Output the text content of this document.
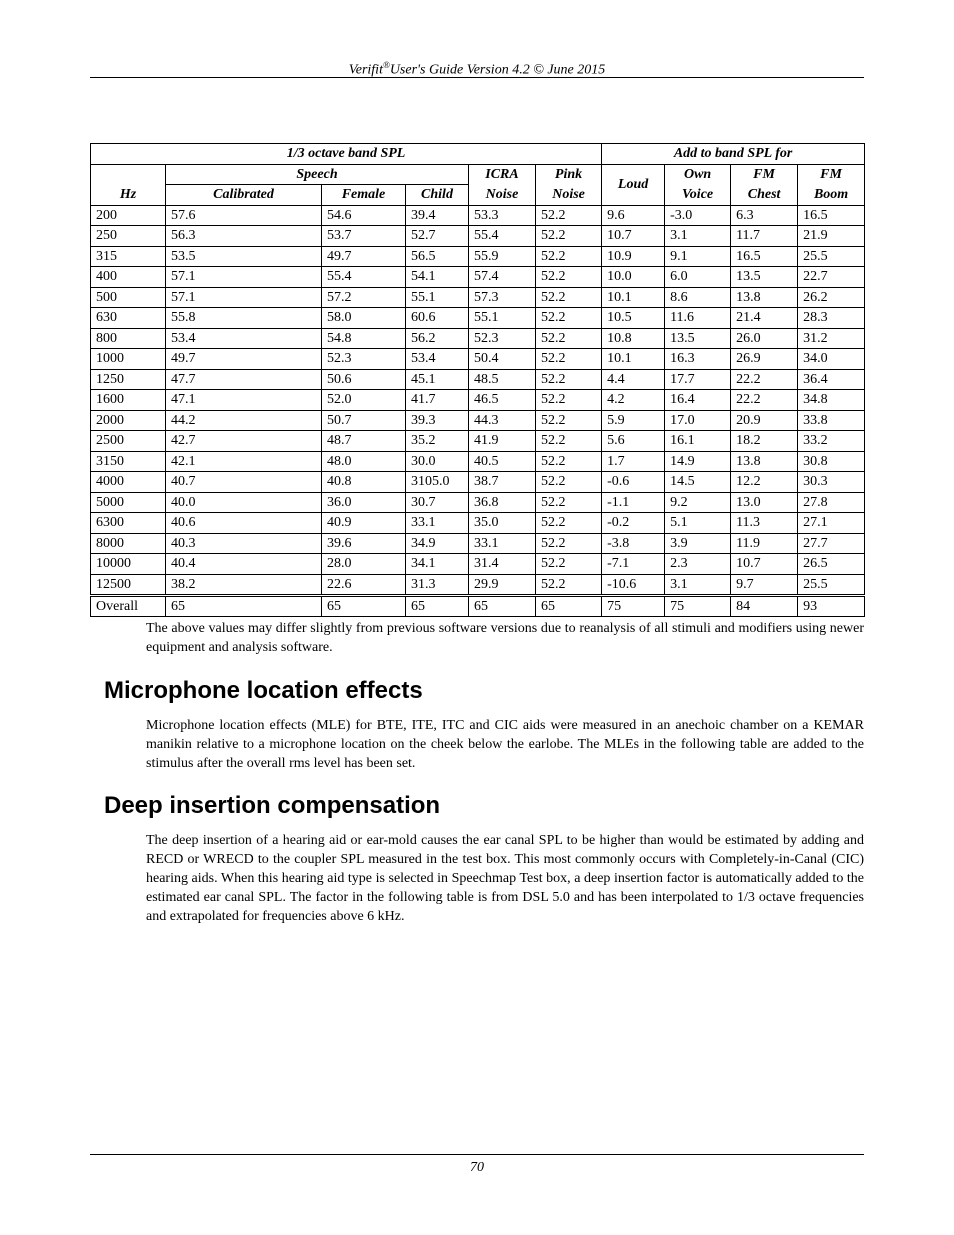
Verifit®User's Guide Version 4.2 © June 2015
1/3 octave band SPL						Add to band SPL for			
	Speech			ICRA	Pink	Loud	Own	FM	FM
Hz	Calibrated	Female	Child	Noise	Noise		Voice	Chest	Boom
200	57.6	54.6	39.4	53.3	52.2	9.6	-3.0	6.3	16.5
250	56.3	53.7	52.7	55.4	52.2	10.7	3.1	11.7	21.9
315	53.5	49.7	56.5	55.9	52.2	10.9	9.1	16.5	25.5
400	57.1	55.4	54.1	57.4	52.2	10.0	6.0	13.5	22.7
500	57.1	57.2	55.1	57.3	52.2	10.1	8.6	13.8	26.2
630	55.8	58.0	60.6	55.1	52.2	10.5	11.6	21.4	28.3
800	53.4	54.8	56.2	52.3	52.2	10.8	13.5	26.0	31.2
1000	49.7	52.3	53.4	50.4	52.2	10.1	16.3	26.9	34.0
1250	47.7	50.6	45.1	48.5	52.2	4.4	17.7	22.2	36.4
1600	47.1	52.0	41.7	46.5	52.2	4.2	16.4	22.2	34.8
2000	44.2	50.7	39.3	44.3	52.2	5.9	17.0	20.9	33.8
2500	42.7	48.7	35.2	41.9	52.2	5.6	16.1	18.2	33.2
3150	42.1	48.0	30.0	40.5	52.2	1.7	14.9	13.8	30.8
4000	40.7	40.8	3105.0	38.7	52.2	-0.6	14.5	12.2	30.3
5000	40.0	36.0	30.7	36.8	52.2	-1.1	9.2	13.0	27.8
6300	40.6	40.9	33.1	35.0	52.2	-0.2	5.1	11.3	27.1
8000	40.3	39.6	34.9	33.1	52.2	-3.8	3.9	11.9	27.7
10000	40.4	28.0	34.1	31.4	52.2	-7.1	2.3	10.7	26.5
12500	38.2	22.6	31.3	29.9	52.2	-10.6	3.1	9.7	25.5
Overall	65	65	65	65	65	75	75	84	93
The above values may differ slightly from previous software versions due to reanalysis of all stimuli and modifiers using newer equipment and analysis software.
Microphone location effects

Microphone location effects (MLE) for BTE, ITE, ITC and CIC aids were measured in an anechoic chamber on a KEMAR manikin relative to a microphone location on the cheek below the earlobe. The MLEs in the following table are added to the stimulus after the overall rms level has been set.

Deep insertion compensation

The deep insertion of a hearing aid or ear-mold causes the ear canal SPL to be higher than would be estimated by adding and RECD or WRECD to the coupler SPL measured in the test box. This most commonly occurs with Completely-in-Canal (CIC) hearing aids. When this hearing aid type is selected in Speechmap Test box, a deep insertion factor is automatically added to the estimated ear canal SPL. The factor in the following table is from DSL 5.0 and has been interpolated to 1/3 octave frequencies and extrapolated for frequencies above 6 kHz.

70
